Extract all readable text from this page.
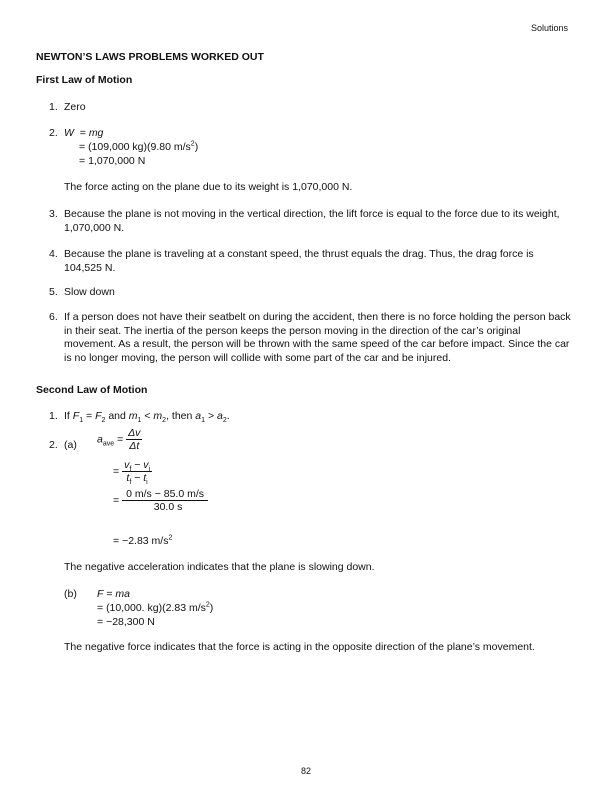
Solutions
NEWTON’S LAWS PROBLEMS WORKED OUT
First Law of Motion
1. Zero
2. W  = mg
= (109,000 kg)(9.80 $m/s^2$)
= 1,070,000 N
The force acting on the plane due to its weight is 1,070,000 N.
3. Because the plane is not moving in the vertical direction, the lift force is equal to the force due to its weight, 1,070,000 N.
4. Because the plane is traveling at a constant speed, the thrust equals the drag. Thus, the drag force is 104,525 N.
5. Slow down
6. If a person does not have their seatbelt on during the accident, then there is no force holding the person back in their seat. The inertia of the person keeps the person moving in the direction of the car’s original movement. As a result, the person will be thrown with the same speed of the car before impact. Since the car is no longer moving, the person will collide with some part of the car and be injured.
Second Law of Motion
1. If $F_1 = F_2$ and $m_1 < m_2$, then $a_1 > a_2$.
2. (a) $a_{ave} = \frac{\Delta v}{\Delta t}$
= $\frac{v_f - v_i}{t_f - t_i}$
= $\frac{0 m/s - 85.0 m/s}{30.0 s}$
= −2.83 $m/s^2$
The negative acceleration indicates that the plane is slowing down.
(b) F = ma
= (10,000. kg)(2.83 $m/s^2$)
= −28,300 N
The negative force indicates that the force is acting in the opposite direction of the plane’s movement.
82
